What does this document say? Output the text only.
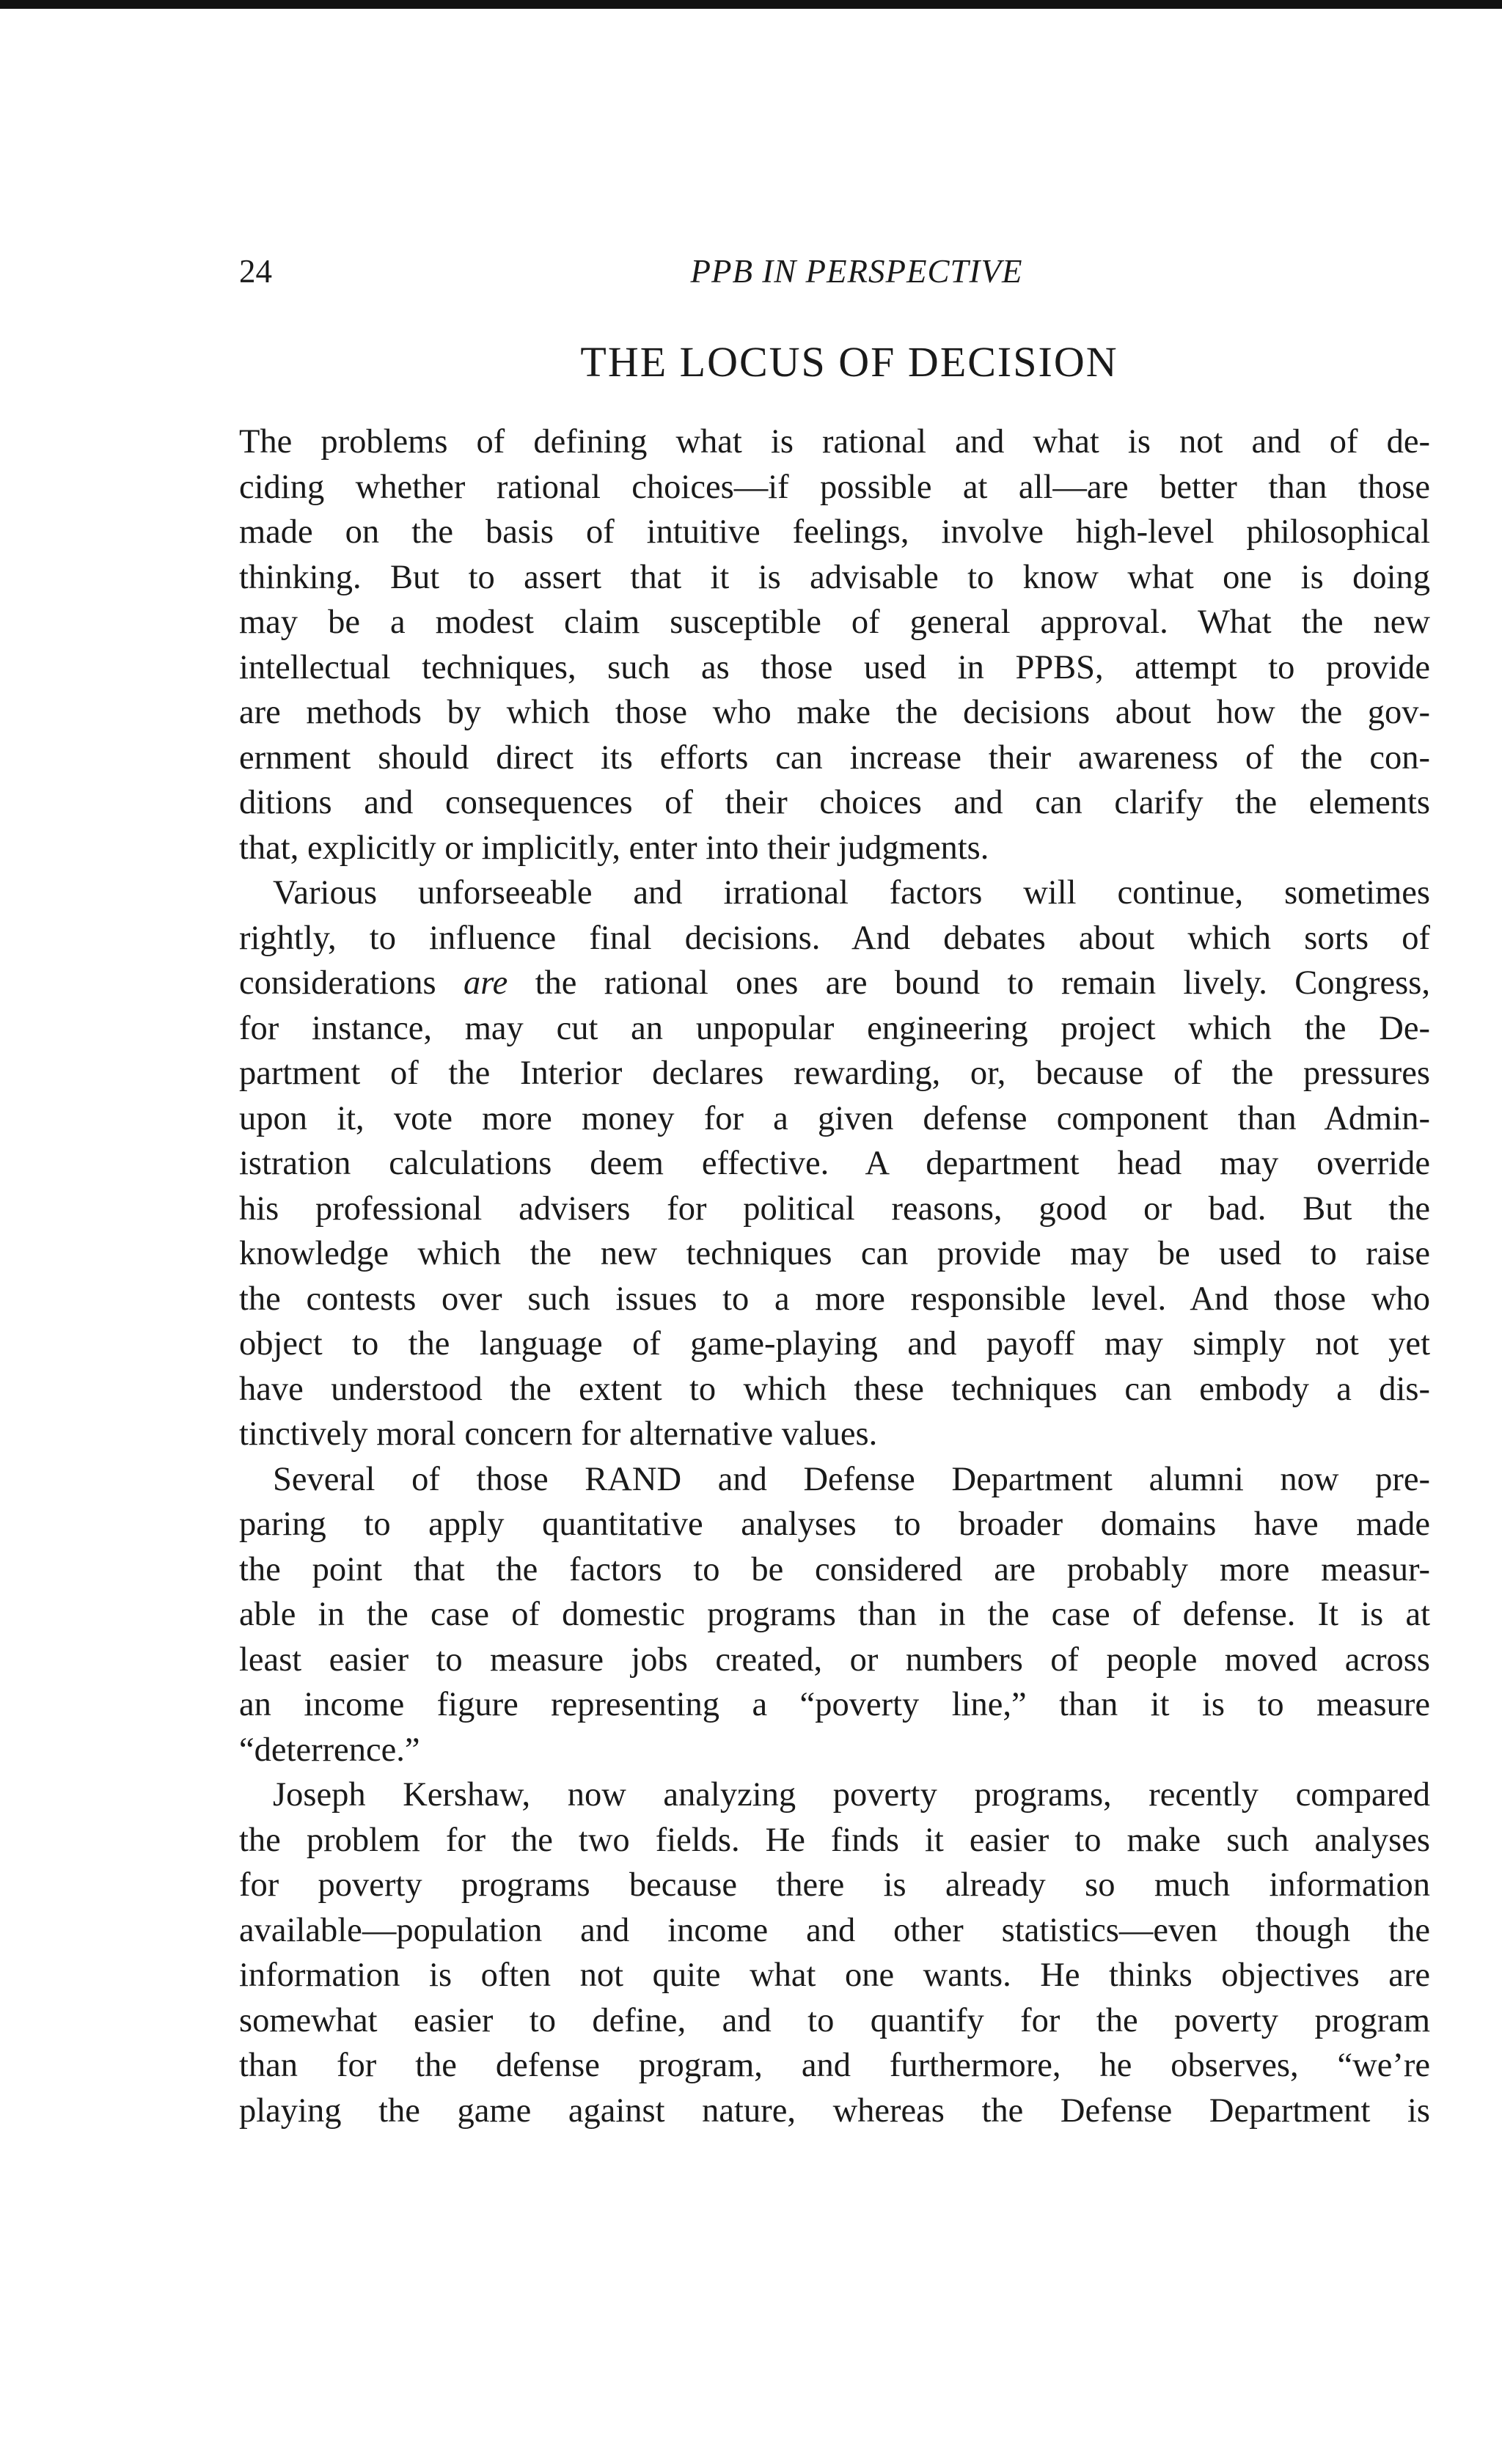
24	PPB IN PERSPECTIVE
THE LOCUS OF DECISION
The problems of defining what is rational and what is not and of de-
ciding whether rational choices—if possible at all—are better than those
made on the basis of intuitive feelings, involve high-level philosophical
thinking. But to assert that it is advisable to know what one is doing
may be a modest claim susceptible of general approval. What the new
intellectual techniques, such as those used in PPBS, attempt to provide
are methods by which those who make the decisions about how the gov-
ernment should direct its efforts can increase their awareness of the con-
ditions and consequences of their choices and can clarify the elements
that, explicitly or implicitly, enter into their judgments.
Various unforseeable and irrational factors will continue, sometimes
rightly, to influence final decisions. And debates about which sorts of
considerations are the rational ones are bound to remain lively. Congress,
for instance, may cut an unpopular engineering project which the De-
partment of the Interior declares rewarding, or, because of the pressures
upon it, vote more money for a given defense component than Admin-
istration calculations deem effective. A department head may override
his professional advisers for political reasons, good or bad. But the
knowledge which the new techniques can provide may be used to raise
the contests over such issues to a more responsible level. And those who
object to the language of game-playing and payoff may simply not yet
have understood the extent to which these techniques can embody a dis-
tinctively moral concern for alternative values.
Several of those RAND and Defense Department alumni now pre-
paring to apply quantitative analyses to broader domains have made
the point that the factors to be considered are probably more measur-
able in the case of domestic programs than in the case of defense. It is at
least easier to measure jobs created, or numbers of people moved across
an income figure representing a “poverty line,” than it is to measure
“deterrence.”
Joseph Kershaw, now analyzing poverty programs, recently compared
the problem for the two fields. He finds it easier to make such analyses
for poverty programs because there is already so much information
available—population and income and other statistics—even though the
information is often not quite what one wants. He thinks objectives are
somewhat easier to define, and to quantify for the poverty program
than for the defense program, and furthermore, he observes, “we’re
playing the game against nature, whereas the Defense Department is
